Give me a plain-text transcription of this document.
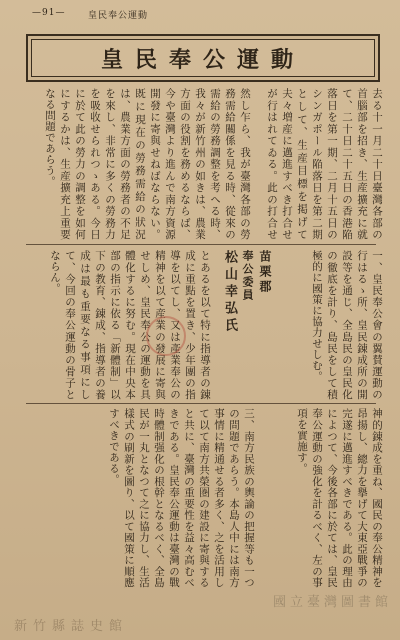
—91—	皇民奉公運動
皇民奉公運動
去る十一月二十日臺灣各部の首腦部を招き、生産擴充に就て、二十日二十五日の香港陥落日を第一期、二月十五日のシンガポール陥落日を第二期として、生産目標を掲げて夫々増産に邁進すべき打合せが行はれてゐる。此の打合せ
然し乍ら、我が臺灣各部の勞務需給關係を見る時、從來の需給の勞務調整を考へる時、我々が新竹州の如きは、農業方面の役割を務めるならば、今や臺灣より進んで南方資源開發に寄與せねばならない。既に現在の勞務需給の狀況は、農業方面の勞務者の不足を來し、非常に多くの勞務力を吸收せられつゝある。今日に於て此の勞力の調整を如何にするかは、生産擴充上重要なる問題であらう。
一、皇民奉公會の翼賛運動の行はるゝ所、皇民錬成所の開設等を通じ、全島民の皇民化の徹底を計り、島民をして積極的に國策に協力せしむ。
苗栗郡
奉公委員
松山幸弘氏
とあるを以て特に指導者の錬成に重點を置き、少年團の指導を以てし、又は產業奉公の精神を以て産業の發展に寄與せしめ、皇民奉公の運動を具體化するに努む。現在中央本部の指示に依る「新體制」以下の教育、錬成、指導者の養成は最も重要なる事項にして、今回の奉公運動の骨子とならん。
神的錬成を重ね、國民の奉公精神を昂揚し、總力を擧げて大東亞戰爭の完遂に邁進すべきである。此の理由によつて、今後各部に於ては、皇民奉公運動の強化を計るべく、左の事項を實施す。
三、南方民族の輿論の把握等も一つの問題であらう。本島人中には南方事情に精通せる者多く、之を活用して以て南方共榮圏の建設に寄與すると共に、臺灣の重要性を益々高むべきである。皇民奉公運動は臺灣の戰時體制强化の根幹となるべく、全島民が一丸となつて之に協力し、生活樣式の刷新を圖り、以て國策に順應すべきである。
國立臺灣圖書館
新竹縣誌史館
